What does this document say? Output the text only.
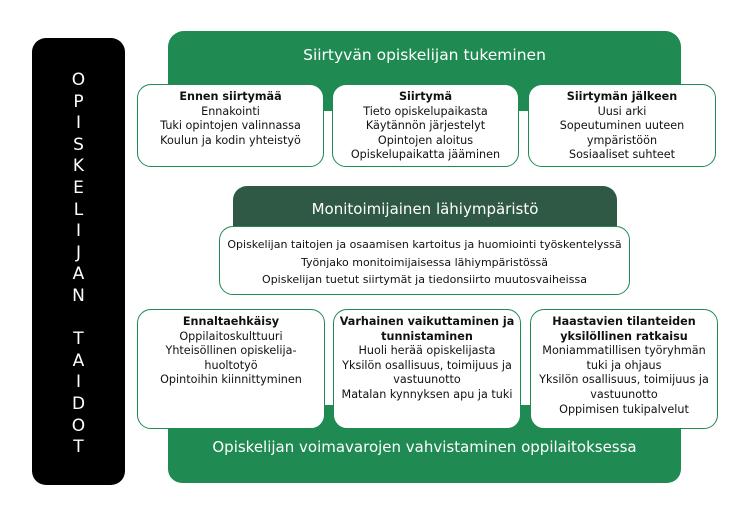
O
P
I
S
K
E
L
I
J
A
N
T
A
I
D
O
T
Siirtyvän opiskelijan tukeminen
Ennen siirtymää
Ennakointi
Tuki opintojen valinnassa
Koulun ja kodin yhteistyö
Siirtymä
Tieto opiskelupaikasta
Käytännön järjestelyt
Opintojen aloitus
Opiskelupaikatta jääminen
Siirtymän jälkeen
Uusi arki
Sopeutuminen uuteen
ympäristöön
Sosiaaliset suhteet
Monitoimijainen lähiympäristö
Opiskelijan taitojen ja osaamisen kartoitus ja huomiointi työskentelyssä
Työnjako monitoimijaisessa lähiympäristössä
Opiskelijan tuetut siirtymät ja tiedonsiirto muutosvaiheissa
Opiskelijan voimavarojen vahvistaminen oppilaitoksessa
Ennaltaehkäisy
Oppilaitoskulttuuri
Yhteisöllinen opiskelija-
huoltotyö
Opintoihin kiinnittyminen
Varhainen vaikuttaminen ja
tunnistaminen
Huoli herää opiskelijasta
Yksilön osallisuus, toimijuus ja
vastuunotto
Matalan kynnyksen apu ja tuki
Haastavien tilanteiden
yksilöllinen ratkaisu
Moniammatillisen työryhmän
tuki ja ohjaus
Yksilön osallisuus, toimijuus ja
vastuunotto
Oppimisen tukipalvelut
